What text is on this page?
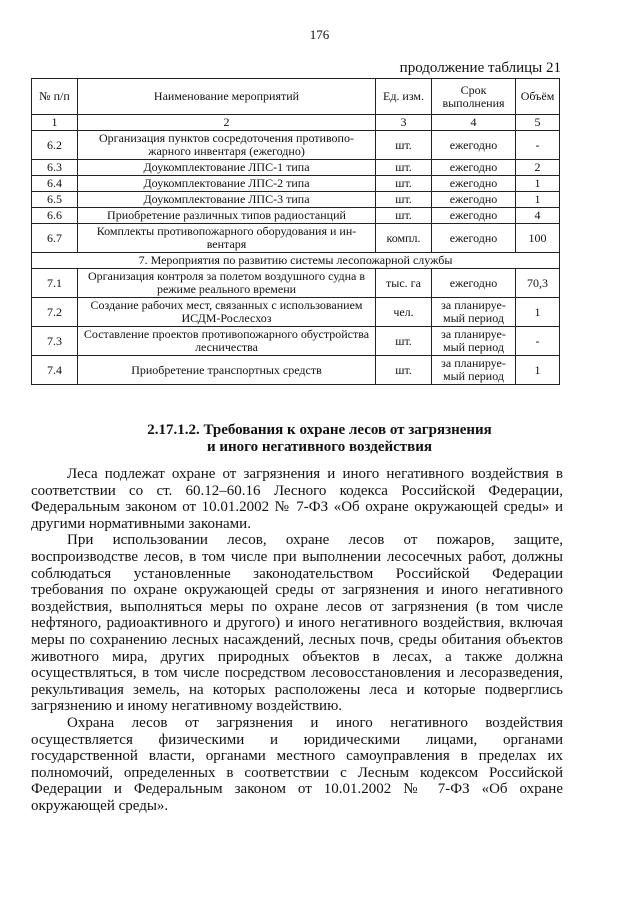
176
продолжение таблицы 21
№ п/п	Наименование мероприятий	Ед. изм.	Срок выполнения	Объём
1	2	3	4	5
6.2	Организация пунктов сосредоточения противопо-жарного инвентаря (ежегодно)	шт.	ежегодно	-
6.3	Доукомплектование ЛПС-1 типа	шт.	ежегодно	2
6.4	Доукомплектование ЛПС-2 типа	шт.	ежегодно	1
6.5	Доукомплектование ЛПС-3 типа	шт.	ежегодно	1
6.6	Приобретение различных типов радиостанций	шт.	ежегодно	4
6.7	Комплекты противопожарного оборудования и ин-вентаря	компл.	ежегодно	100
7. Мероприятия по развитию системы лесопожарной службы				
7.1	Организация контроля за полетом воздушного судна в режиме реального времени	тыс. га	ежегодно	70,3
7.2	Создание рабочих мест, связанных с использованием ИСДМ-Рослесхоз	чел.	за планируе-мый период	1
7.3	Составление проектов противопожарного обустройства лесничества	шт.	за планируе-мый период	-
7.4	Приобретение транспортных средств	шт.	за планируе-мый период	1
2.17.1.2. Требования к охране лесов от загрязнения
и иного негативного воздействия

Леса подлежат охране от загрязнения и иного негативного воздействия в соответствии со ст. 60.12–60.16 Лесного кодекса Российской Федерации, Федеральным законом от 10.01.2002 № 7-ФЗ «Об охране окружающей среды» и другими нормативными законами.

При использовании лесов, охране лесов от пожаров, защите, воспроизводстве лесов, в том числе при выполнении лесосечных работ, должны соблюдаться установленные законодательством Российской Федерации требования по охране окружающей среды от загрязнения и иного негативного воздействия, выполняться меры по охране лесов от загрязнения (в том числе нефтяного, радиоактивного и другого) и иного негативного воздействия, включая меры по сохранению лесных насаждений, лесных почв, среды обитания объектов животного мира, других природных объектов в лесах, а также должна осуществляться, в том числе посредством лесовосстановления и лесоразведения, рекультивация земель, на которых расположены леса и которые подверглись загрязнению и иному негативному воздействию.

Охрана лесов от загрязнения и иного негативного воздействия осуществляется физическими и юридическими лицами, органами государственной власти, органами местного самоуправления в пределах их полномочий, определенных в соответствии с Лесным кодексом Российской Федерации и Федеральным законом от 10.01.2002 № 7-ФЗ «Об охране окружающей среды».
